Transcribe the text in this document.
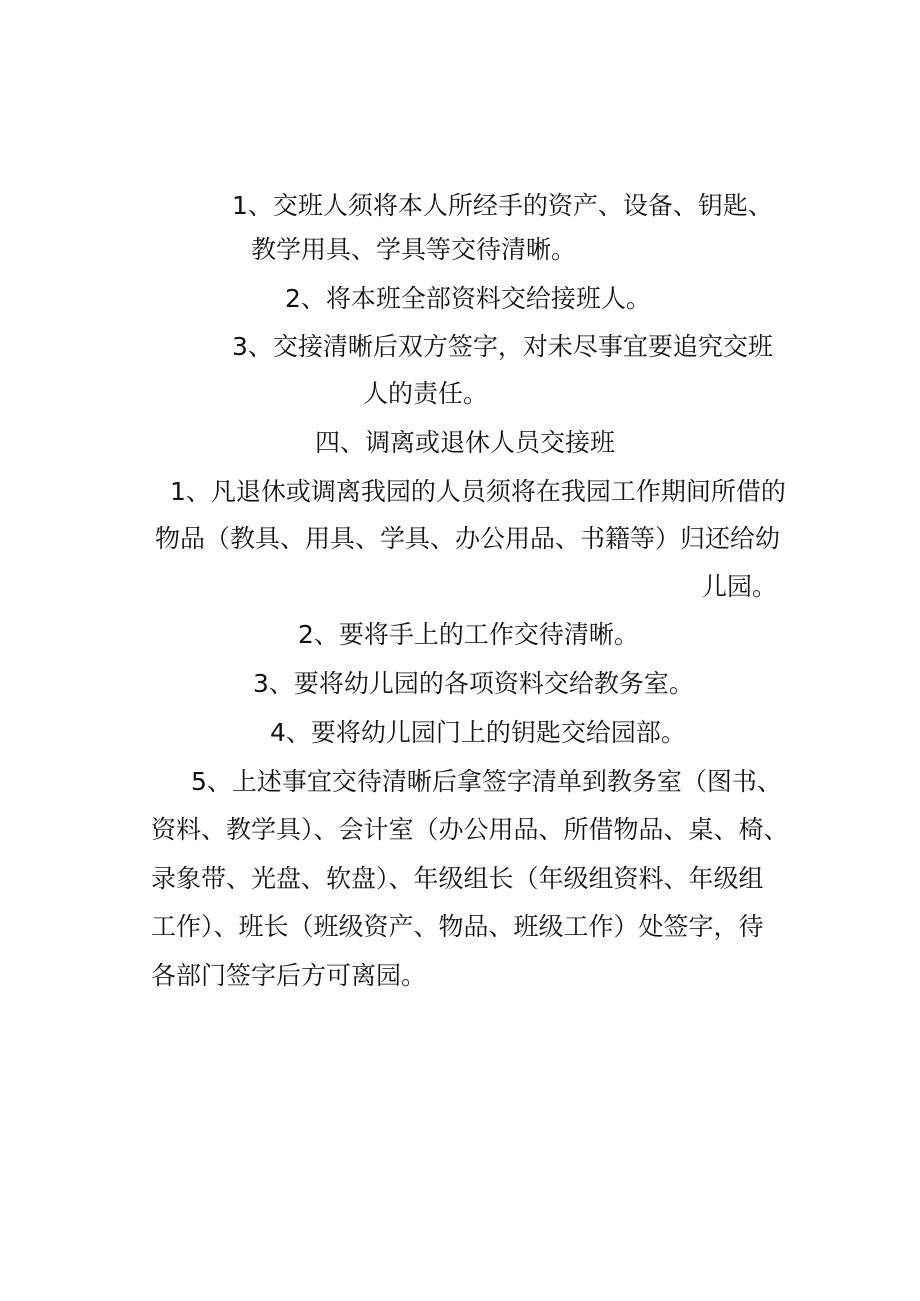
1、交班人须将本人所经手的资产、设备、钥匙、
教学用具、学具等交待清晰。
2、将本班全部资料交给接班人。
3、交接清晰后双方签字，对未尽事宜要追究交班
人的责任。
四、调离或退休人员交接班
1、凡退休或调离我园的人员须将在我园工作期间所借的
物品（教具、用具、学具、办公用品、书籍等）归还给幼
儿园。
2、要将手上的工作交待清晰。
3、要将幼儿园的各项资料交给教务室。
4、要将幼儿园门上的钥匙交给园部。
5、上述事宜交待清晰后拿签字清单到教务室（图书、
资料、教学具）、会计室（办公用品、所借物品、桌、椅、
录象带、光盘、软盘）、年级组长（年级组资料、年级组
工作）、班长（班级资产、物品、班级工作）处签字，待
各部门签字后方可离园。
